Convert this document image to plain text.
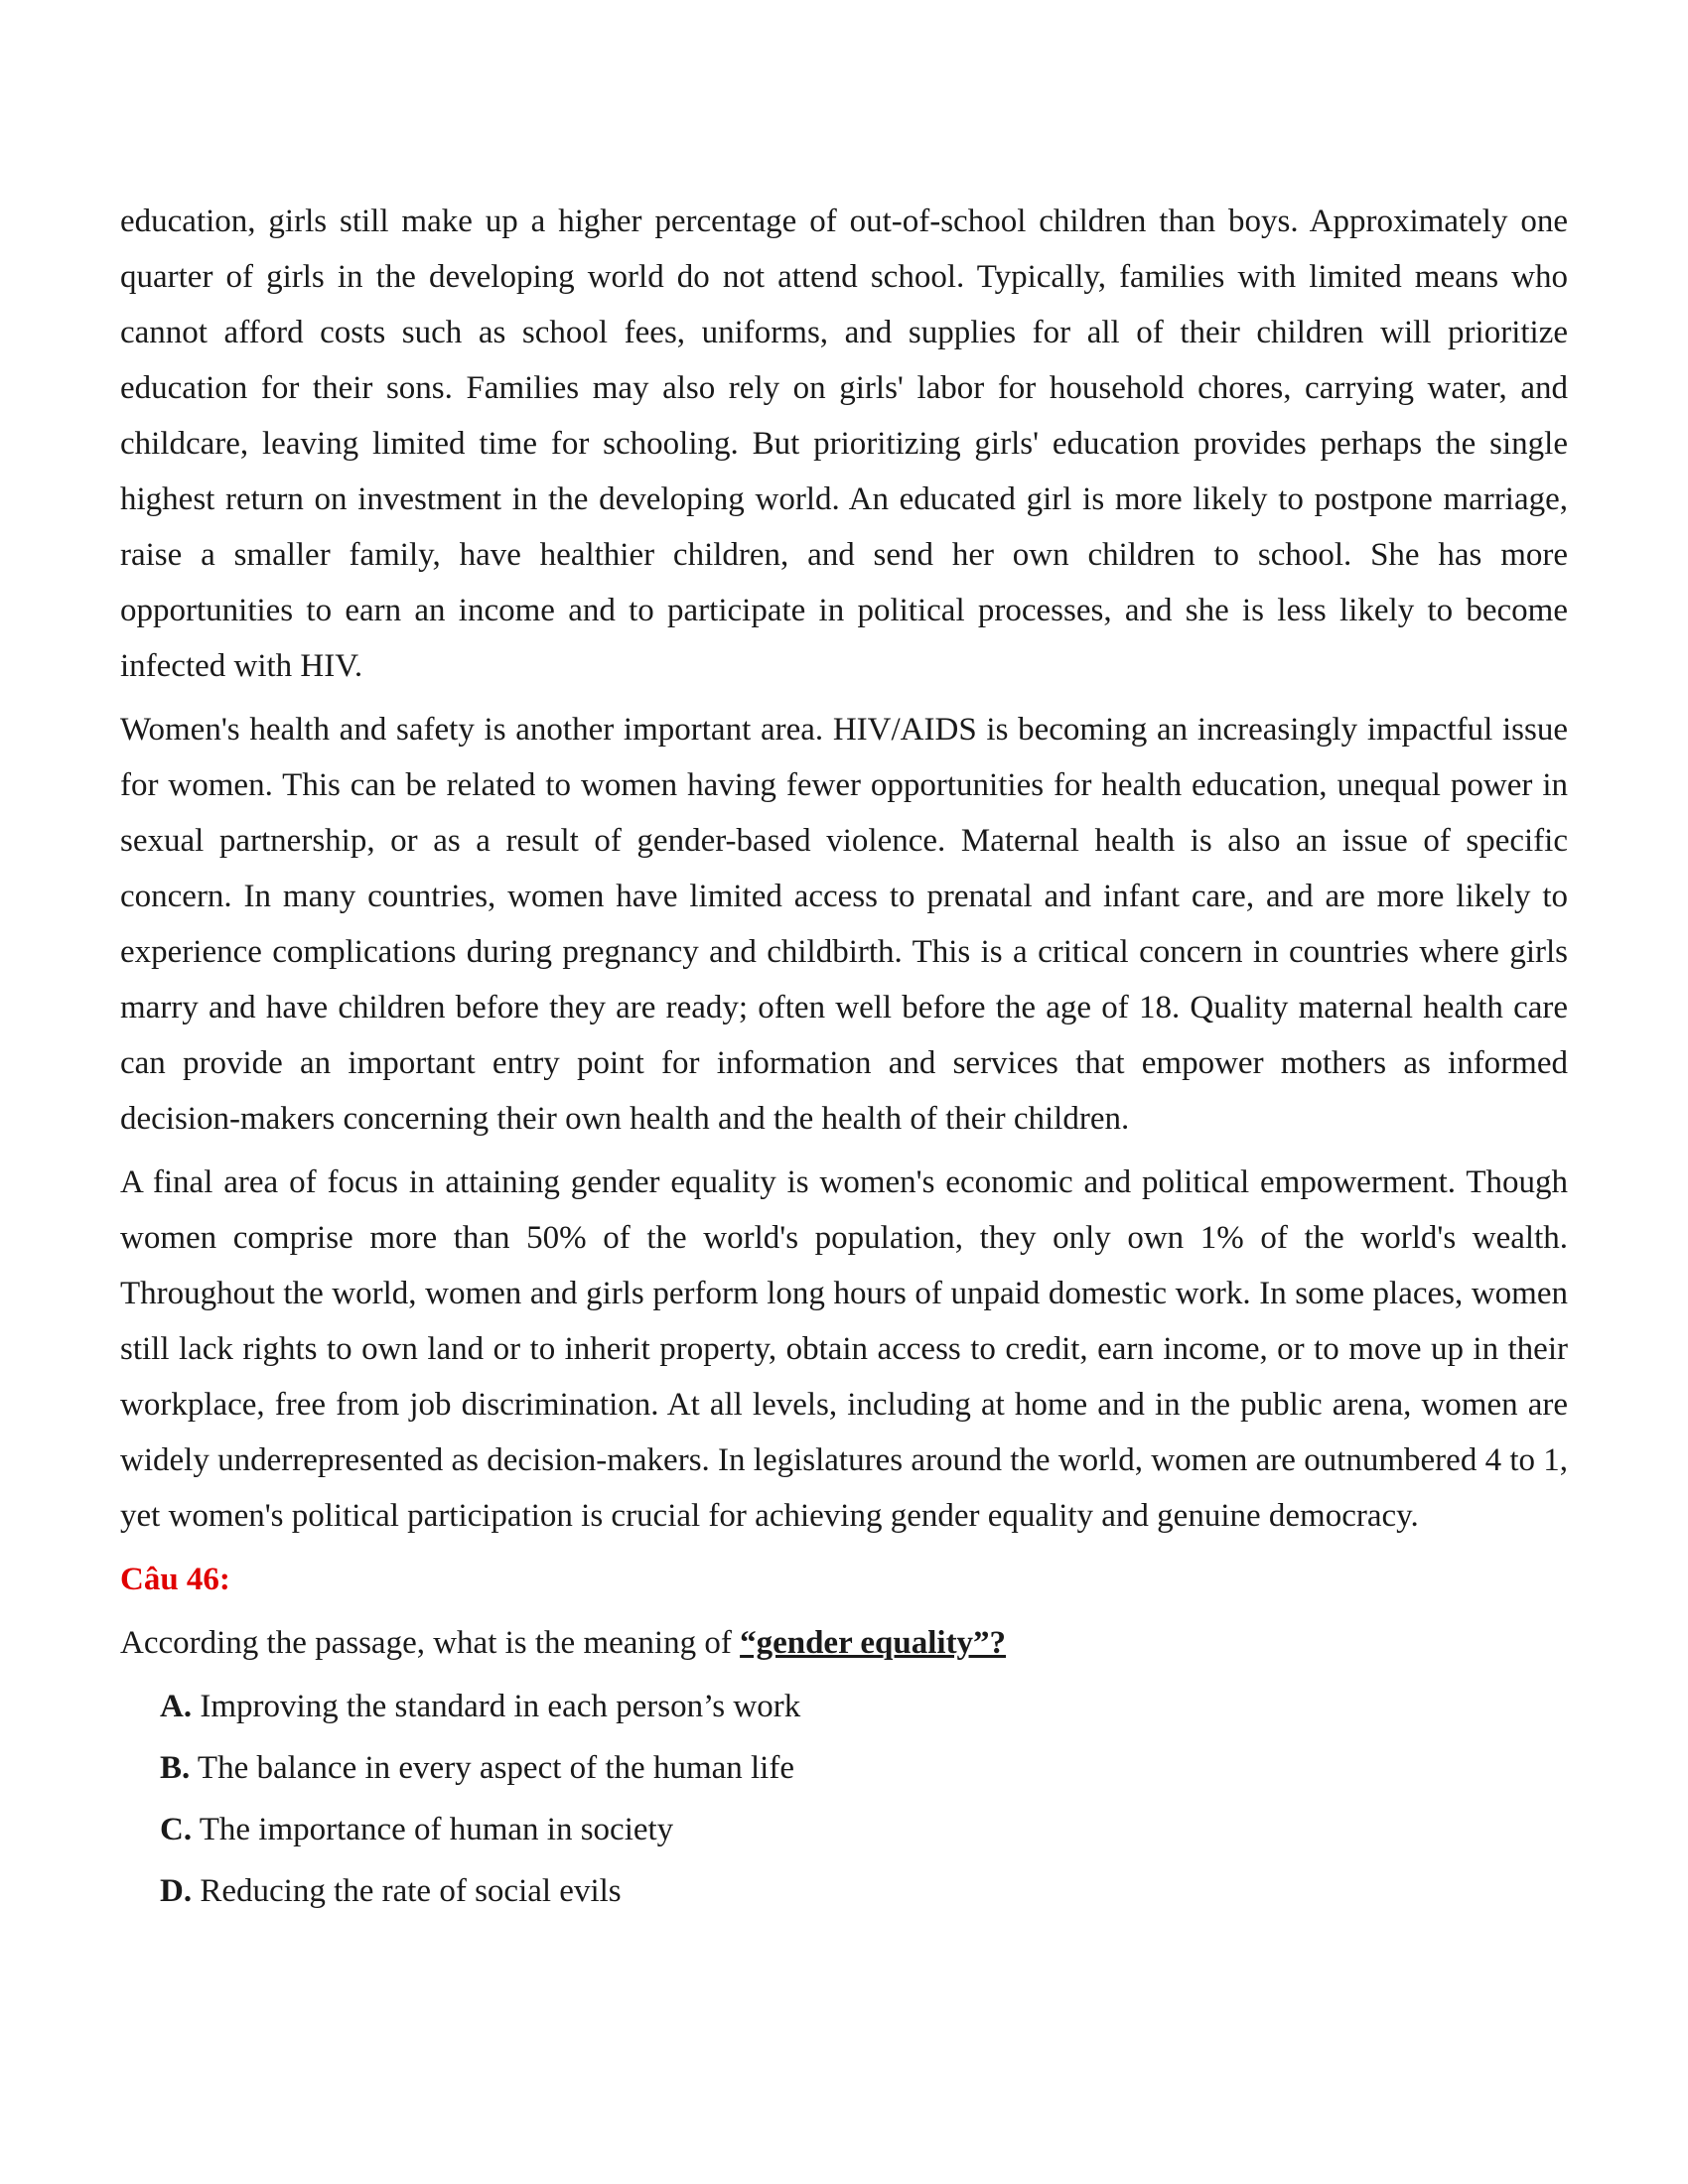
education, girls still make up a higher percentage of out-of-school children than boys. Approximately one quarter of girls in the developing world do not attend school. Typically, families with limited means who cannot afford costs such as school fees, uniforms, and supplies for all of their children will prioritize education for their sons. Families may also rely on girls' labor for household chores, carrying water, and childcare, leaving limited time for schooling. But prioritizing girls' education provides perhaps the single highest return on investment in the developing world. An educated girl is more likely to postpone marriage, raise a smaller family, have healthier children, and send her own children to school. She has more opportunities to earn an income and to participate in political processes, and she is less likely to become infected with HIV.

Women's health and safety is another important area. HIV/AIDS is becoming an increasingly impactful issue for women. This can be related to women having fewer opportunities for health education, unequal power in sexual partnership, or as a result of gender-based violence. Maternal health is also an issue of specific concern. In many countries, women have limited access to prenatal and infant care, and are more likely to experience complications during pregnancy and childbirth. This is a critical concern in countries where girls marry and have children before they are ready; often well before the age of 18. Quality maternal health care can provide an important entry point for information and services that empower mothers as informed decision-makers concerning their own health and the health of their children.

A final area of focus in attaining gender equality is women's economic and political empowerment. Though women comprise more than 50% of the world's population, they only own 1% of the world's wealth. Throughout the world, women and girls perform long hours of unpaid domestic work. In some places, women still lack rights to own land or to inherit property, obtain access to credit, earn income, or to move up in their workplace, free from job discrimination. At all levels, including at home and in the public arena, women are widely underrepresented as decision-makers. In legislatures around the world, women are outnumbered 4 to 1, yet women's political participation is crucial for achieving gender equality and genuine democracy.

Câu 46:

According the passage, what is the meaning of “gender equality”?

A. Improving the standard in each person’s work
B. The balance in every aspect of the human life
C. The importance of human in society
D. Reducing the rate of social evils
